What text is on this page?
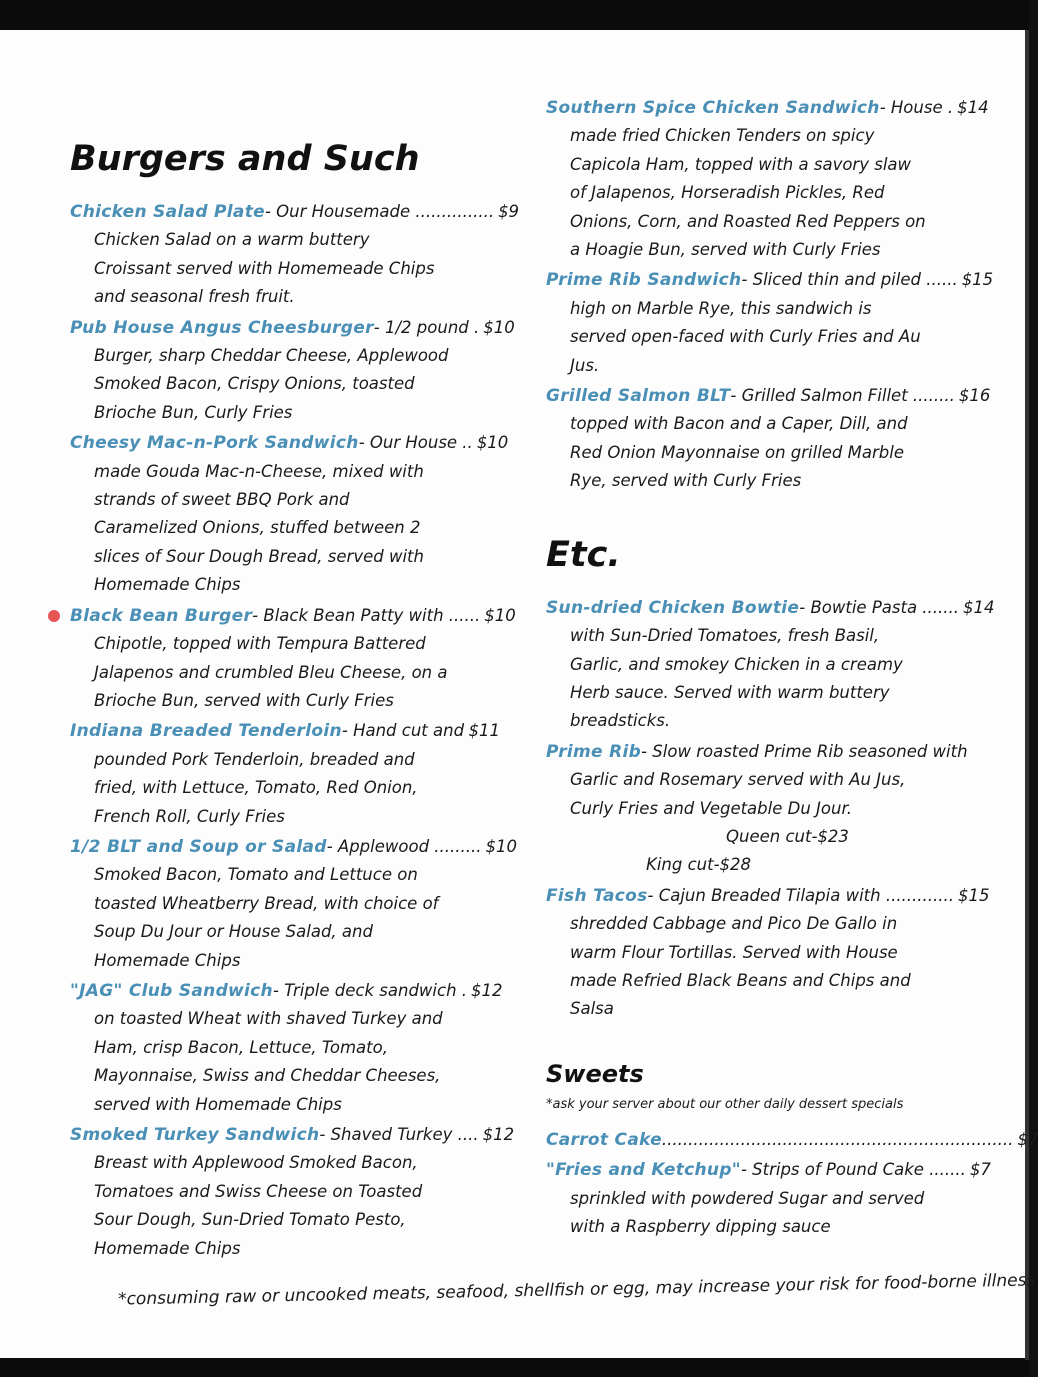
Burgers and Such
Chicken Salad Plate - Our Housemade ............... $9
Chicken Salad on a warm buttery
Croissant served with Homemeade Chips
and seasonal fresh fruit.
Pub House Angus Cheesburger - 1/2 pound . $10
Burger, sharp Cheddar Cheese, Applewood
Smoked Bacon, Crispy Onions, toasted
Brioche Bun, Curly Fries
Cheesy Mac-n-Pork Sandwich - Our House .. $10
made Gouda Mac-n-Cheese, mixed with
strands of sweet BBQ Pork and
Caramelized Onions, stuffed between 2
slices of Sour Dough Bread, served with
Homemade Chips
Black Bean Burger - Black Bean Patty with ...... $10
Chipotle, topped with Tempura Battered
Jalapenos and crumbled Bleu Cheese, on a
Brioche Bun, served with Curly Fries
Indiana Breaded Tenderloin - Hand cut and $11
pounded Pork Tenderloin, breaded and
fried, with Lettuce, Tomato, Red Onion,
French Roll, Curly Fries
1/2 BLT and Soup or Salad - Applewood ......... $10
Smoked Bacon, Tomato and Lettuce on
toasted Wheatberry Bread, with choice of
Soup Du Jour or House Salad, and
Homemade Chips
"JAG" Club Sandwich - Triple deck sandwich . $12
on toasted Wheat with shaved Turkey and
Ham, crisp Bacon, Lettuce, Tomato,
Mayonnaise, Swiss and Cheddar Cheeses,
served with Homemade Chips
Smoked Turkey Sandwich - Shaved Turkey .... $12
Breast with Applewood Smoked Bacon,
Tomatoes and Swiss Cheese on Toasted
Sour Dough, Sun-Dried Tomato Pesto,
Homemade Chips
Southern Spice Chicken Sandwich - House . $14
made fried Chicken Tenders on spicy
Capicola Ham, topped with a savory slaw
of Jalapenos, Horseradish Pickles, Red
Onions, Corn, and Roasted Red Peppers on
a Hoagie Bun, served with Curly Fries
Prime Rib Sandwich - Sliced thin and piled ...... $15
high on Marble Rye, this sandwich is
served open-faced with Curly Fries and Au
Jus.
Grilled Salmon BLT - Grilled Salmon Fillet ........ $16
topped with Bacon and a Caper, Dill, and
Red Onion Mayonnaise on grilled Marble
Rye, served with Curly Fries
Etc.
Sun-dried Chicken Bowtie - Bowtie Pasta ....... $14
with Sun-Dried Tomatoes, fresh Basil,
Garlic, and smokey Chicken in a creamy
Herb sauce. Served with warm buttery
breadsticks.
Prime Rib - Slow roasted Prime Rib seasoned with
Garlic and Rosemary served with Au Jus,
Curly Fries and Vegetable Du Jour.
Queen cut-$23
King cut-$28
Fish Tacos - Cajun Breaded Tilapia with ............. $15
shredded Cabbage and Pico De Gallo in
warm Flour Tortillas. Served with House
made Refried Black Beans and Chips and
Salsa
Sweets
*ask your server about our other daily dessert specials
Carrot Cake ................................................................... $7
"Fries and Ketchup" - Strips of Pound Cake ....... $7
sprinkled with powdered Sugar and served
with a Raspberry dipping sauce
*consuming raw or uncooked meats, seafood, shellfish or egg, may increase your risk for food-borne illness
